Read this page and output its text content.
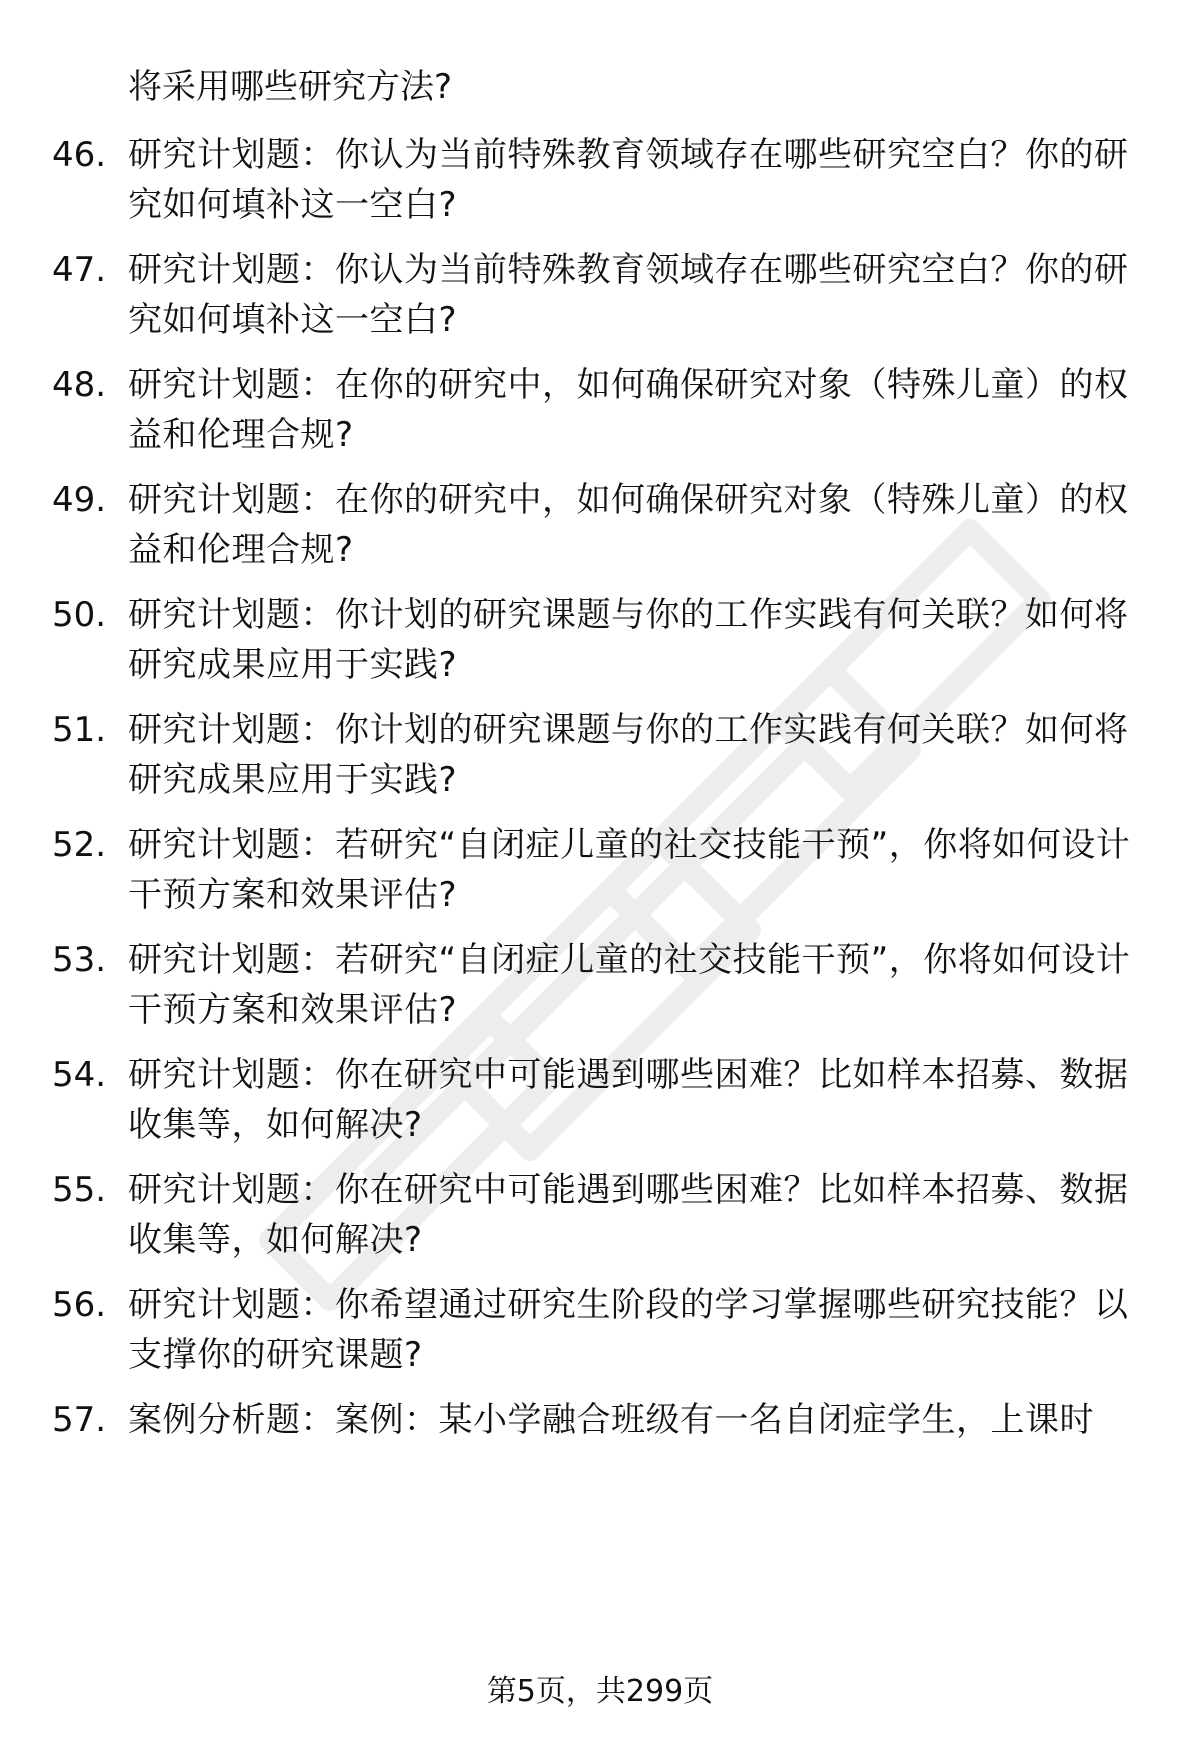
将采用哪些研究方法?
46. 研究计划题：你认为当前特殊教育领域存在哪些研究空白？你的研究如何填补这一空白?
47. 研究计划题：你认为当前特殊教育领域存在哪些研究空白？你的研究如何填补这一空白?
48. 研究计划题：在你的研究中，如何确保研究对象（特殊儿童）的权益和伦理合规?
49. 研究计划题：在你的研究中，如何确保研究对象（特殊儿童）的权益和伦理合规?
50. 研究计划题：你计划的研究课题与你的工作实践有何关联？如何将研究成果应用于实践?
51. 研究计划题：你计划的研究课题与你的工作实践有何关联？如何将研究成果应用于实践?
52. 研究计划题：若研究“自闭症儿童的社交技能干预”，你将如何设计干预方案和效果评估?
53. 研究计划题：若研究“自闭症儿童的社交技能干预”，你将如何设计干预方案和效果评估?
54. 研究计划题：你在研究中可能遇到哪些困难？比如样本招募、数据收集等，如何解决?
55. 研究计划题：你在研究中可能遇到哪些困难？比如样本招募、数据收集等，如何解决?
56. 研究计划题：你希望通过研究生阶段的学习掌握哪些研究技能？以支撑你的研究课题?
57. 案例分析题：案例：某小学融合班级有一名自闭症学生，上课时
第5页，共299页
